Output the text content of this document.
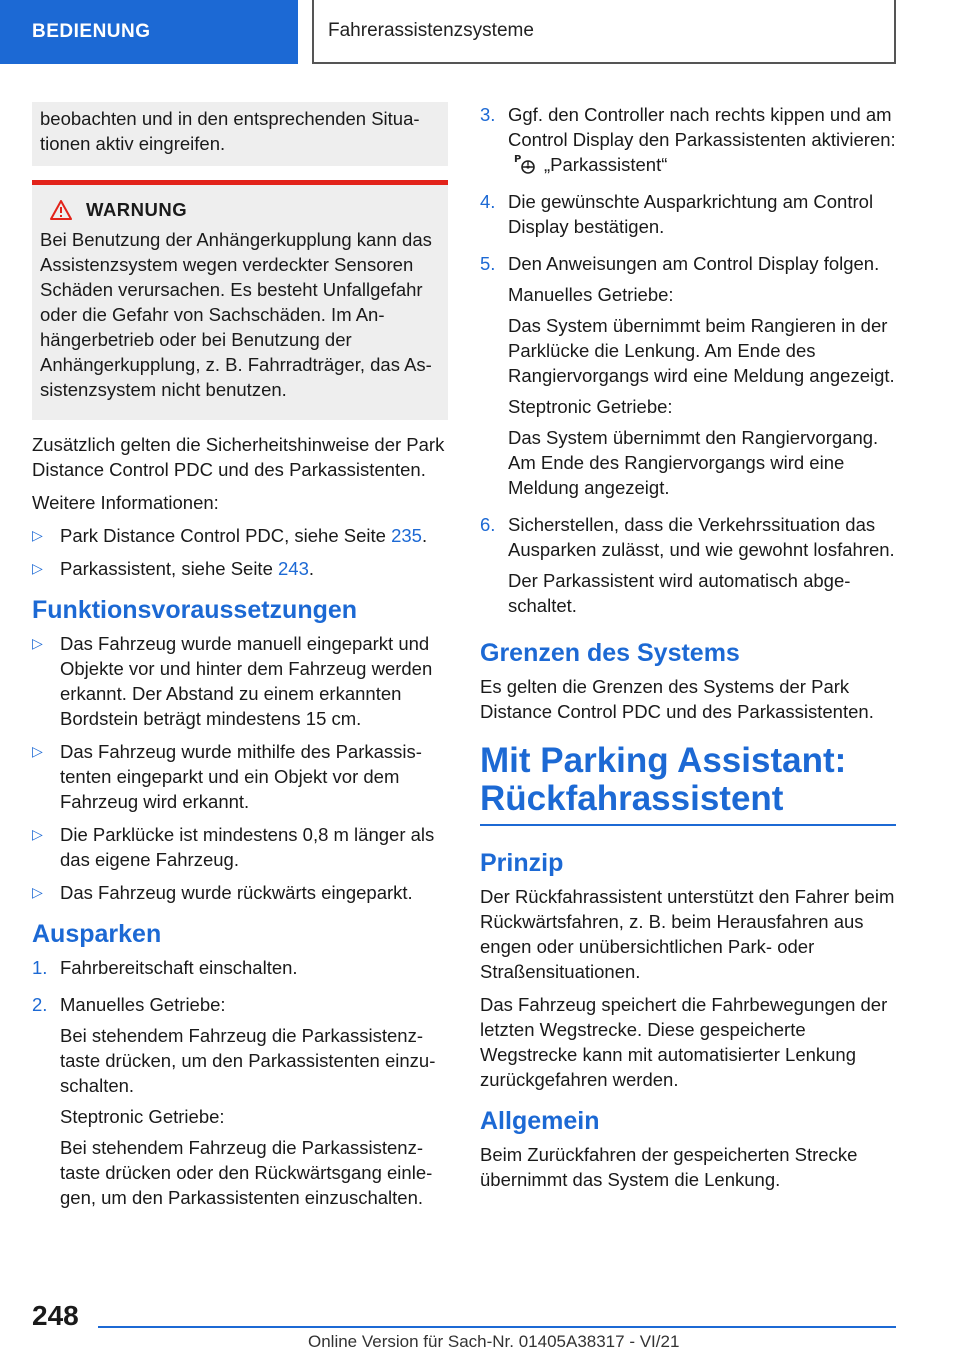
BEDIENUNG	Fahrerassistenzsysteme
beobachten und in den entsprechenden Situationen aktiv eingreifen.
WARNUNG
Bei Benutzung der Anhängerkupplung kann das Assistenzsystem wegen verdeckter Sensoren Schäden verursachen. Es besteht Unfallgefahr oder die Gefahr von Sachschäden. Im Anhängerbetrieb oder bei Benutzung der Anhängerkupplung, z. B. Fahrradträger, das Assistenzsystem nicht benutzen.

Zusätzlich gelten die Sicherheitshinweise der Park Distance Control PDC und des Parkassistenten.

Weitere Informationen:

▷ Park Distance Control PDC, siehe Seite 235.
▷ Parkassistent, siehe Seite 243.
Funktionsvoraussetzungen
▷ Das Fahrzeug wurde manuell eingeparkt und Objekte vor und hinter dem Fahrzeug werden erkannt. Der Abstand zu einem erkannten Bordstein beträgt mindestens 15 cm.
▷ Das Fahrzeug wurde mithilfe des Parkassistenten eingeparkt und ein Objekt vor dem Fahrzeug wird erkannt.
▷ Die Parklücke ist mindestens 0,8 m länger als das eigene Fahrzeug.
▷ Das Fahrzeug wurde rückwärts eingeparkt.
Ausparken
1. Fahrbereitschaft einschalten.

2. Manuelles Getriebe:

Bei stehendem Fahrzeug die Parkassistenztaste drücken, um den Parkassistenten einzuschalten.

Steptronic Getriebe:

Bei stehendem Fahrzeug die Parkassistenztaste drücken oder den Rückwärtsgang einlegen, um den Parkassistenten einzuschalten.

3. Ggf. den Controller nach rechts kippen und am Control Display den Parkassistenten aktivieren:
P „Parkassistent“

4. Die gewünschte Ausparkrichtung am Control Display bestätigen.

5. Den Anweisungen am Control Display folgen.

Manuelles Getriebe:

Das System übernimmt beim Rangieren in der Parklücke die Lenkung. Am Ende des Rangiervorgangs wird eine Meldung angezeigt.

Steptronic Getriebe:

Das System übernimmt den Rangiervorgang. Am Ende des Rangiervorgangs wird eine Meldung angezeigt.

6. Sicherstellen, dass die Verkehrssituation das Ausparken zulässt, und wie gewohnt losfahren.

Der Parkassistent wird automatisch abgeschaltet.

Grenzen des Systems

Es gelten die Grenzen des Systems der Park Distance Control PDC und des Parkassistenten.

Mit Parking Assistant: Rückfahrassistent
Prinzip

Der Rückfahrassistent unterstützt den Fahrer beim Rückwärtsfahren, z. B. beim Herausfahren aus engen oder unübersichtlichen Park- oder Straßensituationen.

Das Fahrzeug speichert die Fahrbewegungen der letzten Wegstrecke. Diese gespeicherte Wegstrecke kann mit automatisierter Lenkung zurückgefahren werden.

Allgemein

Beim Zurückfahren der gespeicherten Strecke übernimmt das System die Lenkung.

248
Online Version für Sach-Nr. 01405A38317 - VI/21
